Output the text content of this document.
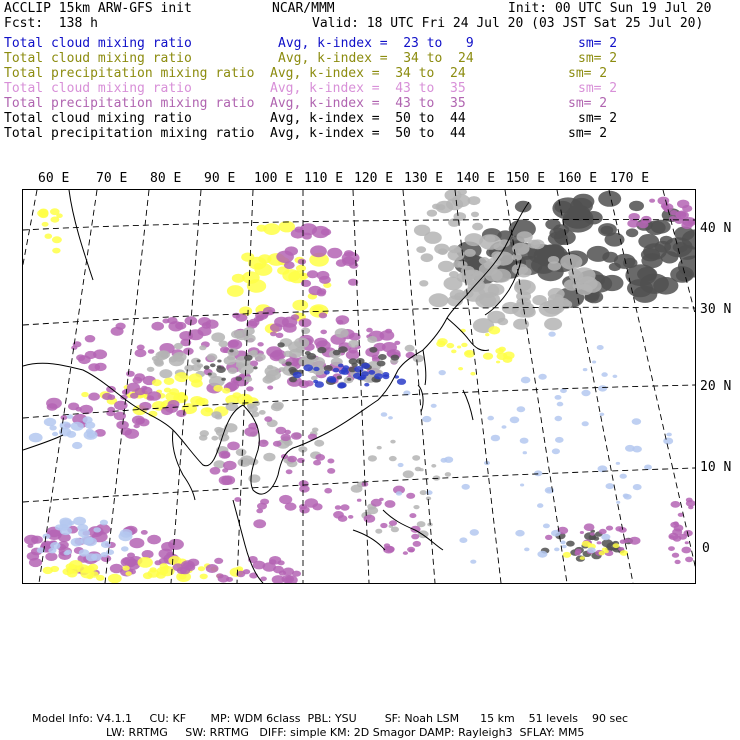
ACCLIP 15km ARW-GFS init	NCAR/MMM	Init: 00 UTC Sun 19 Jul 20
Fcst:  138 h	Valid: 18 UTC Fri 24 Jul 20 (03 JST Sat 25 Jul 20)
Total cloud mixing ratio	Avg, k-index =  23 to   9	sm= 2
Total cloud mixing ratio	Avg, k-index =  34 to  24	sm= 2
Total precipitation mixing ratio Avg, k-index =  34 to  24	sm= 2
Total cloud mixing ratio	Avg, k-index =  43 to  35	sm= 2
Total precipitation mixing ratio Avg, k-index =  43 to  35	sm= 2
Total cloud mixing ratio	Avg, k-index =  50 to  44	sm= 2
Total precipitation mixing ratio Avg, k-index =  50 to  44	sm= 2
60 E 70 E 80 E 90 E 100 E 110 E 120 E 130 E 140 E 150 E 160 E 170 E
40 N
30 N
20 N
10 N
0
Model Info: V4.1.1     CU: KF       MP: WDM 6class  PBL: YSU        SF: Noah LSM      15 km    51 levels    90 sec
LW: RRTMG     SW: RRTMG   DIFF: simple KM: 2D Smagor DAMP: Rayleigh3  SFLAY: MM5
